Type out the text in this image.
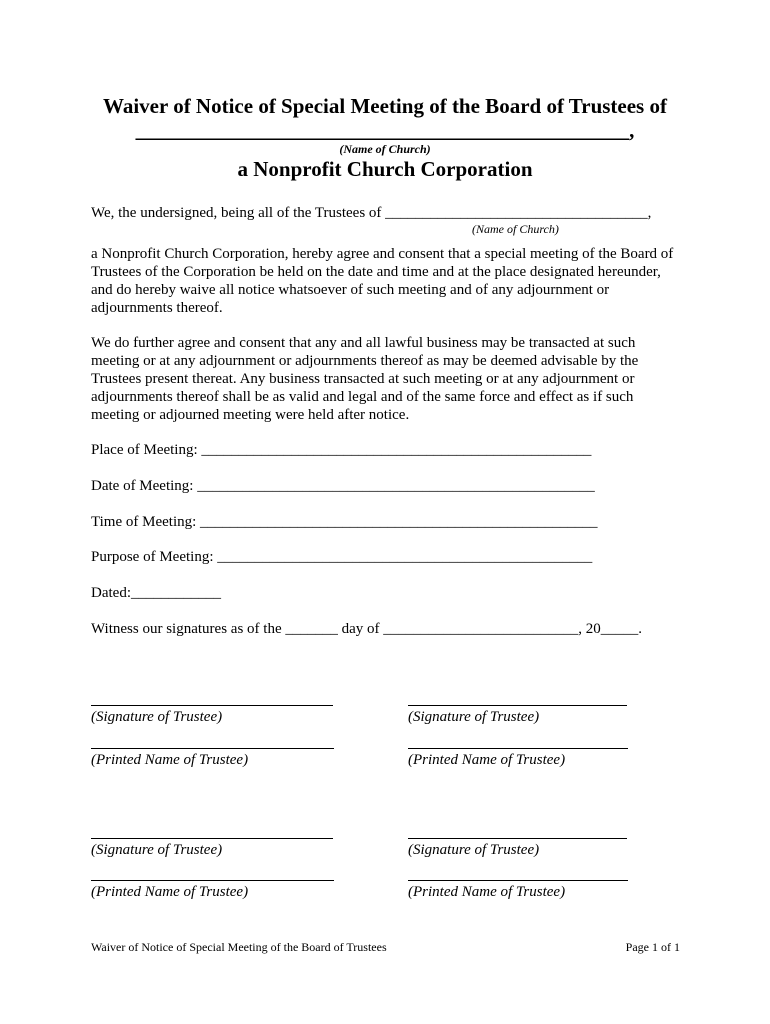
Waiver of Notice of Special Meeting of the Board of Trustees of
_______________________________________________,
(Name of Church)
a Nonprofit Church Corporation
We, the undersigned, being all of the Trustees of ___________________________________,
(Name of Church)
a Nonprofit Church Corporation, hereby agree and consent that a special meeting of the Board of
Trustees of the Corporation be held on the date and time and at the place designated hereunder,
and do hereby waive all notice whatsoever of such meeting and of any adjournment or
adjournments thereof.
We do further agree and consent that any and all lawful business may be transacted at such
meeting or at any adjournment or adjournments thereof as may be deemed advisable by the
Trustees present thereat. Any business transacted at such meeting or at any adjournment or
adjournments thereof shall be as valid and legal and of the same force and effect as if such
meeting or adjourned meeting were held after notice.
Place of Meeting: ____________________________________________________
Date of Meeting: _____________________________________________________
Time of Meeting: _____________________________________________________
Purpose of Meeting: __________________________________________________
Dated:____________
Witness our signatures as of the _______ day of __________________________, 20_____.
(Signature of Trustee)	(Signature of Trustee)
(Printed Name of Trustee)	(Printed Name of Trustee)
(Signature of Trustee)	(Signature of Trustee)
(Printed Name of Trustee)	(Printed Name of Trustee)
Waiver of Notice of Special Meeting of the Board of Trustees	Page 1 of 1
